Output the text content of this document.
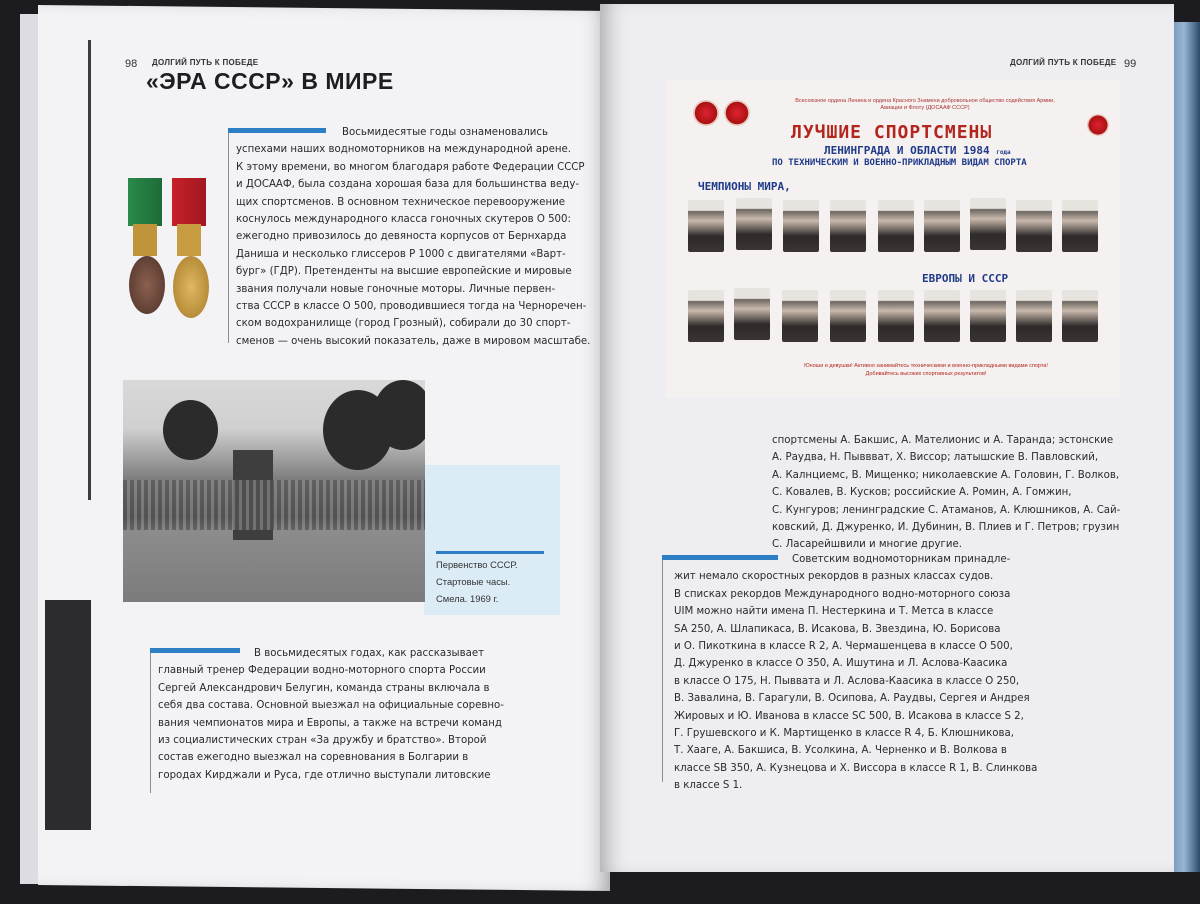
98 ДОЛГИЙ ПУТЬ К ПОБЕДЕ
«ЭРА СССР» В МИРЕ
Восьмидесятые годы ознаменовались
успехами наших водномоторников на международной арене.
К этому времени, во многом благодаря работе Федерации СССР
и ДОСААФ, была создана хорошая база для большинства веду-
щих спортсменов. В основном техническое перевооружение
коснулось международного класса гоночных скутеров О 500:
ежегодно привозилось до девяноста корпусов от Бернхарда
Даниша и несколько глиссеров Р 1000 с двигателями «Варт-
бург» (ГДР). Претенденты на высшие европейские и мировые
звания получали новые гоночные моторы. Личные первен-
ства СССР в классе О 500, проводившиеся тогда на Черноречен-
ском водохранилище (город Грозный), собирали до 30 спорт-
сменов — очень высокий показатель, даже в мировом масштабе.
Первенство СССР.
Стартовые часы.
Смела. 1969 г.
В восьмидесятых годах, как рассказывает
главный тренер Федерации водно-моторного спорта России
Сергей Александрович Белугин, команда страны включала в
себя два состава. Основной выезжал на официальные соревно-
вания чемпионатов мира и Европы, а также на встречи команд
из социалистических стран «За дружбу и братство». Второй
состав ежегодно выезжал на соревнования в Болгарии в
городах Кирджали и Руса, где отлично выступали литовские
ДОЛГИЙ ПУТЬ К ПОБЕДЕ 99
Всесоюзное ордена Ленина и ордена Красного Знамени добровольное общество содействия Армии, Авиации и Флоту (ДОСААФ СССР)
ЛУЧШИЕ СПОРТСМЕНЫ
ЛЕНИНГРАДА И ОБЛАСТИ 1984 года
ПО ТЕХНИЧЕСКИМ И ВОЕННО-ПРИКЛАДНЫМ ВИДАМ СПОРТА
ЧЕМПИОНЫ МИРА,
ЕВРОПЫ И СССР
Юноши и девушки! Активно занимайтесь техническими и военно-прикладными видами спорта!
Добивайтесь высоких спортивных результатов!
спортсмены А. Бакшис, А. Мателионис и А. Таранда; эстонские
А. Раудва, Н. Пыввват, Х. Виссор; латышские В. Павловский,
А. Калнциемс, В. Мищенко; николаевские А. Головин, Г. Волков,
С. Ковалев, В. Кусков; российские А. Ромин, А. Гомжин,
С. Кунгуров; ленинградские С. Атаманов, А. Клюшников, А. Сай-
ковский, Д. Джуренко, И. Дубинин, В. Плиев и Г. Петров; грузин
С. Ласарейшвили и многие другие.
Советским водномоторникам принадле-
жит немало скоростных рекордов в разных классах судов.
В списках рекордов Международного водно-моторного союза
UIM можно найти имена П. Нестеркина и Т. Метса в классе
SA 250, А. Шлапикаса, В. Исакова, В. Звездина, Ю. Борисова
и О. Пикоткина в классе R 2, А. Чермашенцева в классе О 500,
Д. Джуренко в классе О 350, А. Ишутина и Л. Аслова-Каасика
в классе О 175, Н. Пыввата и Л. Аслова-Каасика в классе О 250,
В. Завалина, В. Гарагули, В. Осипова, А. Раудвы, Сергея и Андрея
Жировых и Ю. Иванова в классе SC 500, В. Исакова в классе S 2,
Г. Грушевского и К. Мартищенко в классе R 4, Б. Клюшникова,
Т. Хааге, А. Бакшиса, В. Усолкина, А. Черненко и В. Волкова в
классе SB 350, А. Кузнецова и Х. Виссора в классе R 1, В. Слинкова
в классе S 1.
